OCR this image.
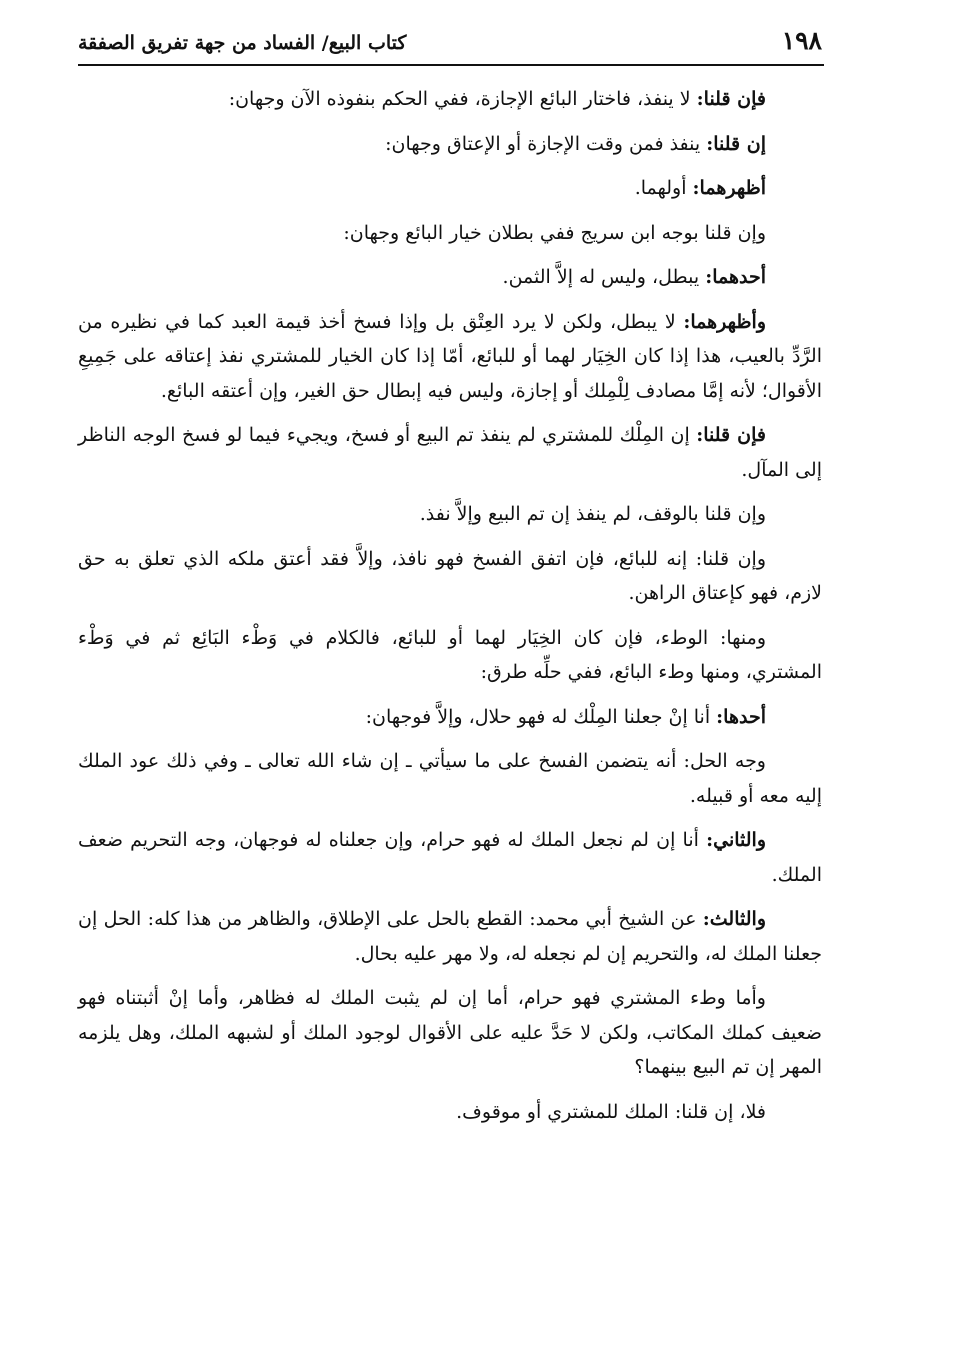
١٩٨
كتاب البيع/ الفساد من جهة تفريق الصفقة

فإن قلنا: لا ينفذ، فاختار البائع الإجازة، ففي الحكم بنفوذه الآن وجهان:

إن قلنا: ينفذ فمن وقت الإجازة أو الإعتاق وجهان:

أظهرهما: أولهما.

وإن قلنا بوجه ابن سريج ففي بطلان خيار البائع وجهان:

أحدهما: يبطل، وليس له إلاَّ الثمن.

وأظهرهما: لا يبطل، ولكن لا يرد العِتْق بل وإذا فسخ أخذ قيمة العبد كما في نظيره من الرَّدِّ بالعيب، هذا إذا كان الخِيَار لهما أو للبائع، أمّا إذا كان الخيار للمشتري نفذ إعتاقه على جَمِيعِ الأقوال؛ لأنه إمَّا مصادف لِلْمِلك أو إجازة، وليس فيه إبطال حق الغير، وإن أعتقه البائع.

فإن قلنا: إن المِلْك للمشتري لم ينفذ تم البيع أو فسخ، ويجيء فيما لو فسخ الوجه الناظر إلى المآل.

وإن قلنا بالوقف، لم ينفذ إن تم البيع وإلاَّ نفذ.

وإن قلنا: إنه للبائع، فإن اتفق الفسخ فهو نافذ، وإلاَّ فقد أعتق ملكه الذي تعلق به حق لازم، فهو كإعتاق الراهن.

ومنها: الوطء، فإن كان الخِيَار لهما أو للبائع، فالكلام في وَطْء البَائِع ثم في وَطْء المشتري، ومنها وطء البائع، ففي حلِّه طرق:

أحدها: أنا إنْ جعلنا المِلْك له فهو حلال، وإلاَّ فوجهان:

وجه الحل: أنه يتضمن الفسخ على ما سيأتي ـ إن شاء الله تعالى ـ وفي ذلك عود الملك إليه معه أو قبيله.

والثاني: أنا إن لم نجعل الملك له فهو حرام، وإن جعلناه له فوجهان، وجه التحريم ضعف الملك.

والثالث: عن الشيخ أبي محمد: القطع بالحل على الإطلاق، والظاهر من هذا كله: الحل إن جعلنا الملك له، والتحريم إن لم نجعله له، ولا مهر عليه بحال.

وأما وطء المشتري فهو حرام، أما إن لم يثبت الملك له فظاهر، وأما إنْ أثبتناه فهو ضعيف كملك المكاتب، ولكن لا حَدَّ عليه على الأقوال لوجود الملك أو لشبهه الملك، وهل يلزمه المهر إن تم البيع بينهما؟

فلا، إن قلنا: الملك للمشتري أو موقوف.
